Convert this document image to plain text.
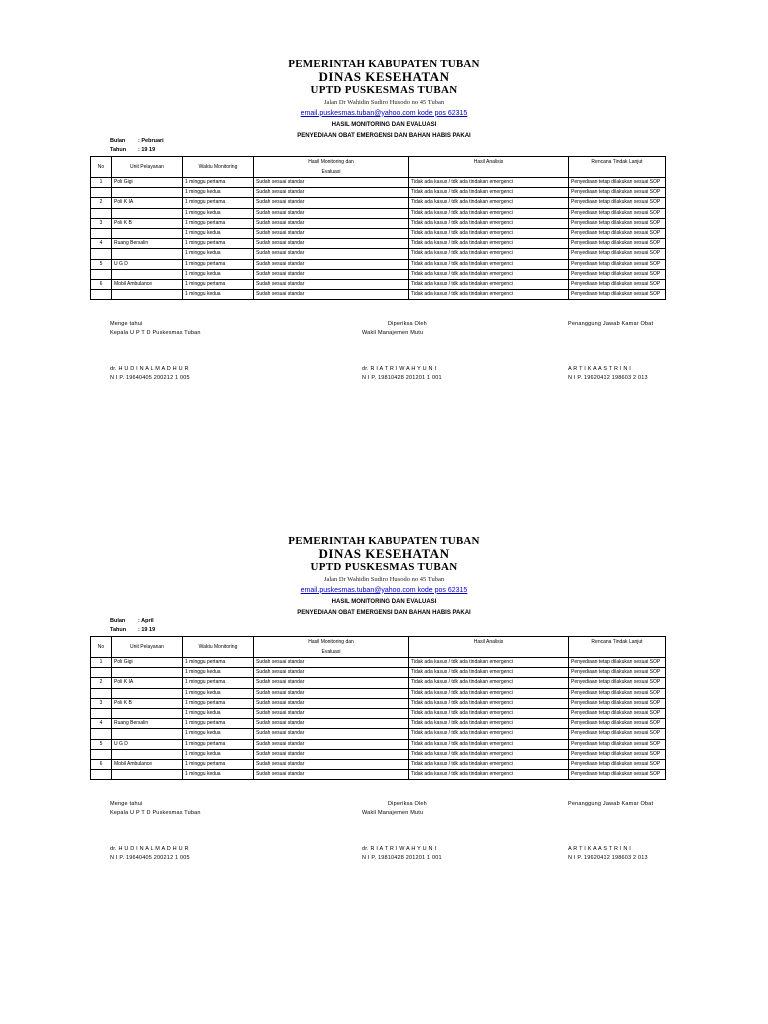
PEMERINTAH KABUPATEN TUBAN
DINAS KESEHATAN
UPTD PUSKESMAS TUBAN
Jalan Dr Wahidin Sudiro Husodo no 45 Tuban
email.puskesmas.tuban@yahoo.com kode pos 62315
HASIL MONITORING DAN EVALUASI
PENYEDIAAN OBAT EMERGENSI DAN BAHAN HABIS PAKAI
Bulan : Pebruari
Tahun : 19 19
No	Unit Pelayanan	Waktu Monitoring	Hasil Monitoring dan
Evaluasi	Hasil Analisis	Rencana Tindak Lanjut
1	Poli Gigi	1 minggu pertama	Sudah sesuai standar	Tidak ada kasus / tdk ada tindakan emergenci	Penyediaan tetap dilakukan sesuai SOP
		1 minggu kedua	Sudah sesuai standar	Tidak ada kasus / tdk ada tindakan emergenci	Penyediaan tetap dilakukan sesuai SOP
2	Poli K IA	1 minggu pertama	Sudah sesuai standar	Tidak ada kasus / tdk ada tindakan emergenci	Penyediaan tetap dilakukan sesuai SOP
		1 minggu kedua	Sudah sesuai standar	Tidak ada kasus / tdk ada tindakan emergenci	Penyediaan tetap dilakukan sesuai SOP
3	Poli K B	1 minggu pertama	Sudah sesuai standar	Tidak ada kasus / tdk ada tindakan emergenci	Penyediaan tetap dilakukan sesuai SOP
		1 minggu kedua	Sudah sesuai standar	Tidak ada kasus / tdk ada tindakan emergenci	Penyediaan tetap dilakukan sesuai SOP
4	Ruang Bersalin	1 minggu pertama	Sudah sesuai standar	Tidak ada kasus / tdk ada tindakan emergenci	Penyediaan tetap dilakukan sesuai SOP
		1 minggu kedua	Sudah sesuai standar	Tidak ada kasus / tdk ada tindakan emergenci	Penyediaan tetap dilakukan sesuai SOP
5	U G D	1 minggu pertama	Sudah sesuai standar	Tidak ada kasus / tdk ada tindakan emergenci	Penyediaan tetap dilakukan sesuai SOP
		1 minggu kedua	Sudah sesuai standar	Tidak ada kasus / tdk ada tindakan emergenci	Penyediaan tetap dilakukan sesuai SOP
6	Mobil Ambulance	1 minggu pertama	Sudah sesuai standar	Tidak ada kasus / tdk ada tindakan emergenci	Penyediaan tetap dilakukan sesuai SOP
		1 minggu kedua	Sudah sesuai standar	Tidak ada kasus / tdk ada tindakan emergenci	Penyediaan tetap dilakukan sesuai SOP
Menge tahui
Kepala U P T D Puskesmas Tuban
dr. H U D I N A L M A D H U R
N I P. 19640405 200212 1 005
Diperiksa Oleh
Wakil Manajemen Mutu
dr. R I A T R I W A H Y U N I
N I P. 19810428 201201 1 001
Penanggung Jawab Kamar Obat
A R T I K A A S T R I N I
N I P. 19620412 198603 2 013
PEMERINTAH KABUPATEN TUBAN
DINAS KESEHATAN
UPTD PUSKESMAS TUBAN
Jalan Dr Wahidin Sudiro Husodo no 45 Tuban
email.puskesmas.tuban@yahoo.com kode pos 62315
HASIL MONITORING DAN EVALUASI
PENYEDIAAN OBAT EMERGENSI DAN BAHAN HABIS PAKAI
Bulan : April
Tahun : 19 19
No	Unit Pelayanan	Waktu Monitoring	Hasil Monitoring dan
Evaluasi	Hasil Analisis	Rencana Tindak Lanjut
1	Poli Gigi	1 minggu pertama	Sudah sesuai standar	Tidak ada kasus / tdk ada tindakan emergenci	Penyediaan tetap dilakukan sesuai SOP
		1 minggu kedua	Sudah sesuai standar	Tidak ada kasus / tdk ada tindakan emergenci	Penyediaan tetap dilakukan sesuai SOP
2	Poli K IA	1 minggu pertama	Sudah sesuai standar	Tidak ada kasus / tdk ada tindakan emergenci	Penyediaan tetap dilakukan sesuai SOP
		1 minggu kedua	Sudah sesuai standar	Tidak ada kasus / tdk ada tindakan emergenci	Penyediaan tetap dilakukan sesuai SOP
3	Poli K B	1 minggu pertama	Sudah sesuai standar	Tidak ada kasus / tdk ada tindakan emergenci	Penyediaan tetap dilakukan sesuai SOP
		1 minggu kedua	Sudah sesuai standar	Tidak ada kasus / tdk ada tindakan emergenci	Penyediaan tetap dilakukan sesuai SOP
4	Ruang Bersalin	1 minggu pertama	Sudah sesuai standar	Tidak ada kasus / tdk ada tindakan emergenci	Penyediaan tetap dilakukan sesuai SOP
		1 minggu kedua	Sudah sesuai standar	Tidak ada kasus / tdk ada tindakan emergenci	Penyediaan tetap dilakukan sesuai SOP
5	U G D	1 minggu pertama	Sudah sesuai standar	Tidak ada kasus / tdk ada tindakan emergenci	Penyediaan tetap dilakukan sesuai SOP
		1 minggu kedua	Sudah sesuai standar	Tidak ada kasus / tdk ada tindakan emergenci	Penyediaan tetap dilakukan sesuai SOP
6	Mobil Ambulance	1 minggu pertama	Sudah sesuai standar	Tidak ada kasus / tdk ada tindakan emergenci	Penyediaan tetap dilakukan sesuai SOP
		1 minggu kedua	Sudah sesuai standar	Tidak ada kasus / tdk ada tindakan emergenci	Penyediaan tetap dilakukan sesuai SOP
Menge tahui
Kepala U P T D Puskesmas Tuban
dr. H U D I N A L M A D H U R
N I P. 19640405 200212 1 005
Diperiksa Oleh
Wakil Manajemen Mutu
dr. R I A T R I W A H Y U N I
N I P. 19810428 201201 1 001
Penanggung Jawab Kamar Obat
A R T I K A A S T R I N I
N I P. 19620412 198603 2 013
